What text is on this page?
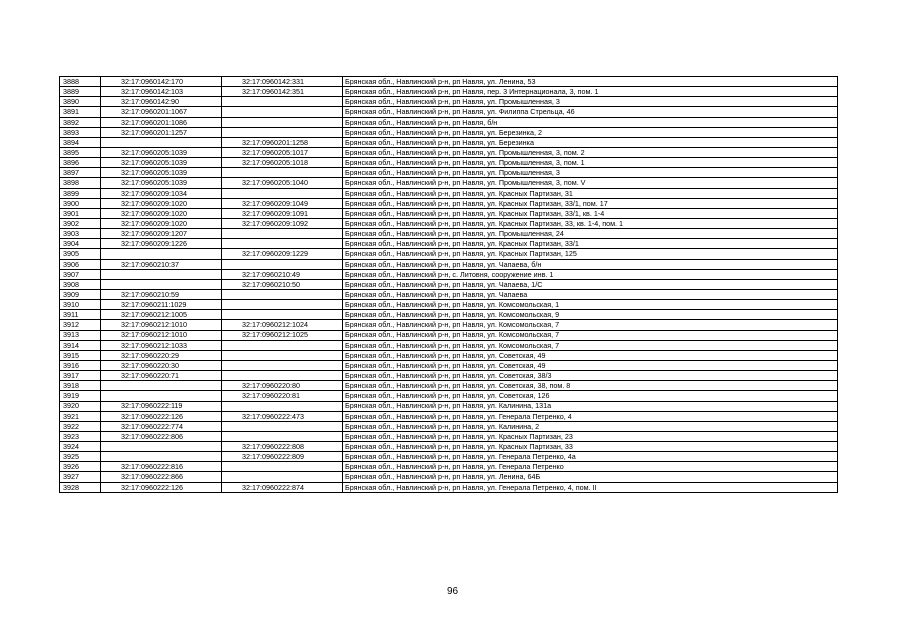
3888	32:17:0960142:170	32:17:0960142:331	Брянская обл., Навлинский р-н, рп Навля, ул. Ленина, 53
3889	32:17:0960142:103	32:17:0960142:351	Брянская обл., Навлинский р-н, рп Навля, пер. 3 Интернационала, 3, пом. 1
3890	32:17:0960142:90		Брянская обл., Навлинский р-н, рп Навля, ул. Промышленная, 3
3891	32:17:0960201:1067		Брянская обл., Навлинский р-н, рп Навля, ул. Филиппа Стрельца, 46
3892	32:17:0960201:1086		Брянская обл., Навлинский р-н, рп Навля, б/н
3893	32:17:0960201:1257		Брянская обл., Навлинский р-н, рп Навля, ул. Березинка, 2
3894		32:17:0960201:1258	Брянская обл., Навлинский р-н, рп Навля, ул. Березинка
3895	32:17:0960205:1039	32:17:0960205:1017	Брянская обл., Навлинский р-н, рп Навля, ул. Промышленная, 3, пом. 2
3896	32:17:0960205:1039	32:17:0960205:1018	Брянская обл., Навлинский р-н, рп Навля, ул. Промышленная, 3, пом. 1
3897	32:17:0960205:1039		Брянская обл., Навлинский р-н, рп Навля, ул. Промышленная, 3
3898	32:17:0960205:1039	32:17:0960205:1040	Брянская обл., Навлинский р-н, рп Навля, ул. Промышленная, 3, пом. V
3899	32:17:0960209:1034		Брянская обл., Навлинский р-н, рп Навля, ул. Красных Партизан, 31
3900	32:17:0960209:1020	32:17:0960209:1049	Брянская обл., Навлинский р-н, рп Навля, ул. Красных Партизан, 33/1, пом. 17
3901	32:17:0960209:1020	32:17:0960209:1091	Брянская обл., Навлинский р-н, рп Навля, ул. Красных Партизан, 33/1, кв. 1-4
3902	32:17:0960209:1020	32:17:0960209:1092	Брянская обл., Навлинский р-н, рп Навля, ул. Красных Партизан, 33, кв. 1-4, пом. 1
3903	32:17:0960209:1207		Брянская обл., Навлинский р-н, рп Навля, ул. Промышленная, 24
3904	32:17:0960209:1226		Брянская обл., Навлинский р-н, рп Навля, ул. Красных Партизан, 33/1
3905		32:17:0960209:1229	Брянская обл., Навлинский р-н, рп Навля, ул. Красных Партизан, 125
3906	32:17:0960210:37		Брянская обл., Навлинский р-н, рп Навля, ул. Чапаева, б/н
3907		32:17:0960210:49	Брянская обл., Навлинский р-н, с. Литовня, сооружение инв. 1
3908		32:17:0960210:50	Брянская обл., Навлинский р-н, рп Навля, ул. Чапаева, 1/С
3909	32:17:0960210:59		Брянская обл., Навлинский р-н, рп Навля, ул. Чапаева
3910	32:17:0960211:1029		Брянская обл., Навлинский р-н, рп Навля, ул. Комсомольская, 1
3911	32:17:0960212:1005		Брянская обл., Навлинский р-н, рп Навля, ул. Комсомольская, 9
3912	32:17:0960212:1010	32:17:0960212:1024	Брянская обл., Навлинский р-н, рп Навля, ул. Комсомольская, 7
3913	32:17:0960212:1010	32:17:0960212:1025	Брянская обл., Навлинский р-н, рп Навля, ул. Комсомольская, 7
3914	32:17:0960212:1033		Брянская обл., Навлинский р-н, рп Навля, ул. Комсомольская, 7
3915	32:17:0960220:29		Брянская обл., Навлинский р-н, рп Навля, ул. Советская, 49
3916	32:17:0960220:30		Брянская обл., Навлинский р-н, рп Навля, ул. Советская, 49
3917	32:17:0960220:71		Брянская обл., Навлинский р-н, рп Навля, ул. Советская, 38/3
3918		32:17:0960220:80	Брянская обл., Навлинский р-н, рп Навля, ул. Советская, 38, пом. 8
3919		32:17:0960220:81	Брянская обл., Навлинский р-н, рп Навля, ул. Советская, 126
3920	32:17:0960222:119		Брянская обл., Навлинский р-н, рп Навля, ул. Калинина, 131а
3921	32:17:0960222:126	32:17:0960222:473	Брянская обл., Навлинский р-н, рп Навля, ул. Генерала Петренко, 4
3922	32:17:0960222:774		Брянская обл., Навлинский р-н, рп Навля, ул. Калинина, 2
3923	32:17:0960222:806		Брянская обл., Навлинский р-н, рп Навля, ул. Красных Партизан, 23
3924		32:17:0960222:808	Брянская обл., Навлинский р-н, рп Навля, ул. Красных Партизан, 33
3925		32:17:0960222:809	Брянская обл., Навлинский р-н, рп Навля, ул. Генерала Петренко, 4а
3926	32:17:0960222:816		Брянская обл., Навлинский р-н, рп Навля, ул. Генерала Петренко
3927	32:17:0960222:866		Брянская обл., Навлинский р-н, рп Навля, ул. Ленина, 64Б
3928	32:17:0960222:126	32:17:0960222:874	Брянская обл., Навлинский р-н, рп Навля, ул. Генерала Петренко, 4, пом. II
96
